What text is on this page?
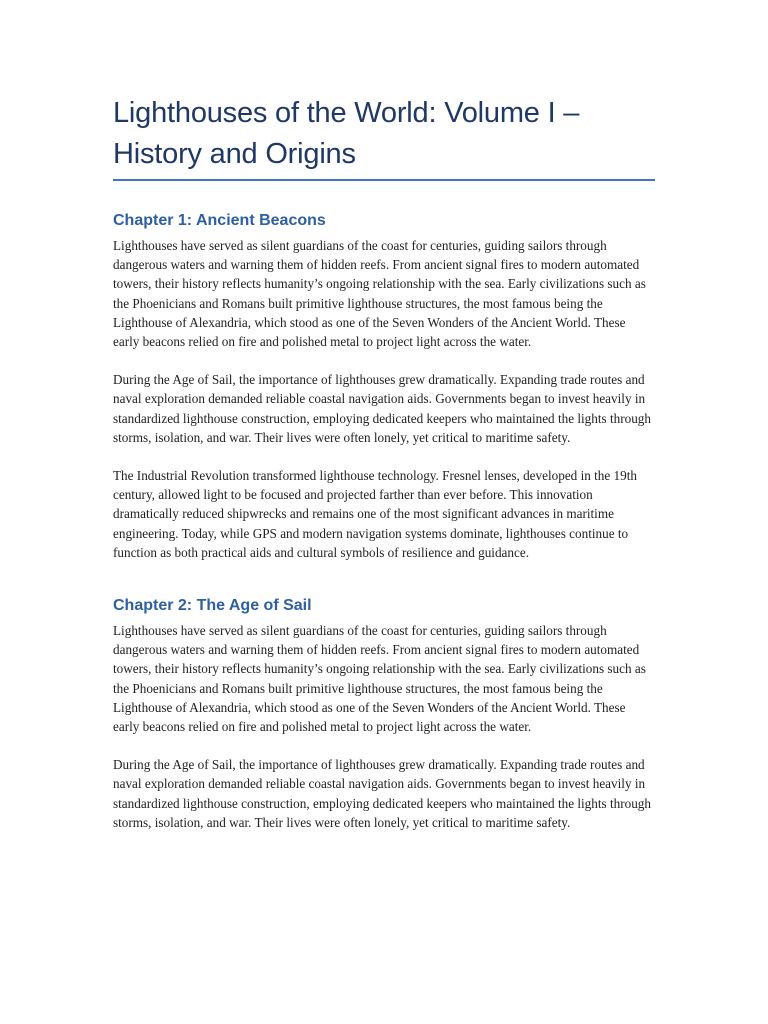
Lighthouses of the World: Volume I – History and Origins
Chapter 1: Ancient Beacons

Lighthouses have served as silent guardians of the coast for centuries, guiding sailors through dangerous waters and warning them of hidden reefs. From ancient signal fires to modern automated towers, their history reflects humanity’s ongoing relationship with the sea. Early civilizations such as the Phoenicians and Romans built primitive lighthouse structures, the most famous being the Lighthouse of Alexandria, which stood as one of the Seven Wonders of the Ancient World. These early beacons relied on fire and polished metal to project light across the water.

During the Age of Sail, the importance of lighthouses grew dramatically. Expanding trade routes and naval exploration demanded reliable coastal navigation aids. Governments began to invest heavily in standardized lighthouse construction, employing dedicated keepers who maintained the lights through storms, isolation, and war. Their lives were often lonely, yet critical to maritime safety.

The Industrial Revolution transformed lighthouse technology. Fresnel lenses, developed in the 19th century, allowed light to be focused and projected farther than ever before. This innovation dramatically reduced shipwrecks and remains one of the most significant advances in maritime engineering. Today, while GPS and modern navigation systems dominate, lighthouses continue to function as both practical aids and cultural symbols of resilience and guidance.

Chapter 2: The Age of Sail

Lighthouses have served as silent guardians of the coast for centuries, guiding sailors through dangerous waters and warning them of hidden reefs. From ancient signal fires to modern automated towers, their history reflects humanity’s ongoing relationship with the sea. Early civilizations such as the Phoenicians and Romans built primitive lighthouse structures, the most famous being the Lighthouse of Alexandria, which stood as one of the Seven Wonders of the Ancient World. These early beacons relied on fire and polished metal to project light across the water.

During the Age of Sail, the importance of lighthouses grew dramatically. Expanding trade routes and naval exploration demanded reliable coastal navigation aids. Governments began to invest heavily in standardized lighthouse construction, employing dedicated keepers who maintained the lights through storms, isolation, and war. Their lives were often lonely, yet critical to maritime safety.
